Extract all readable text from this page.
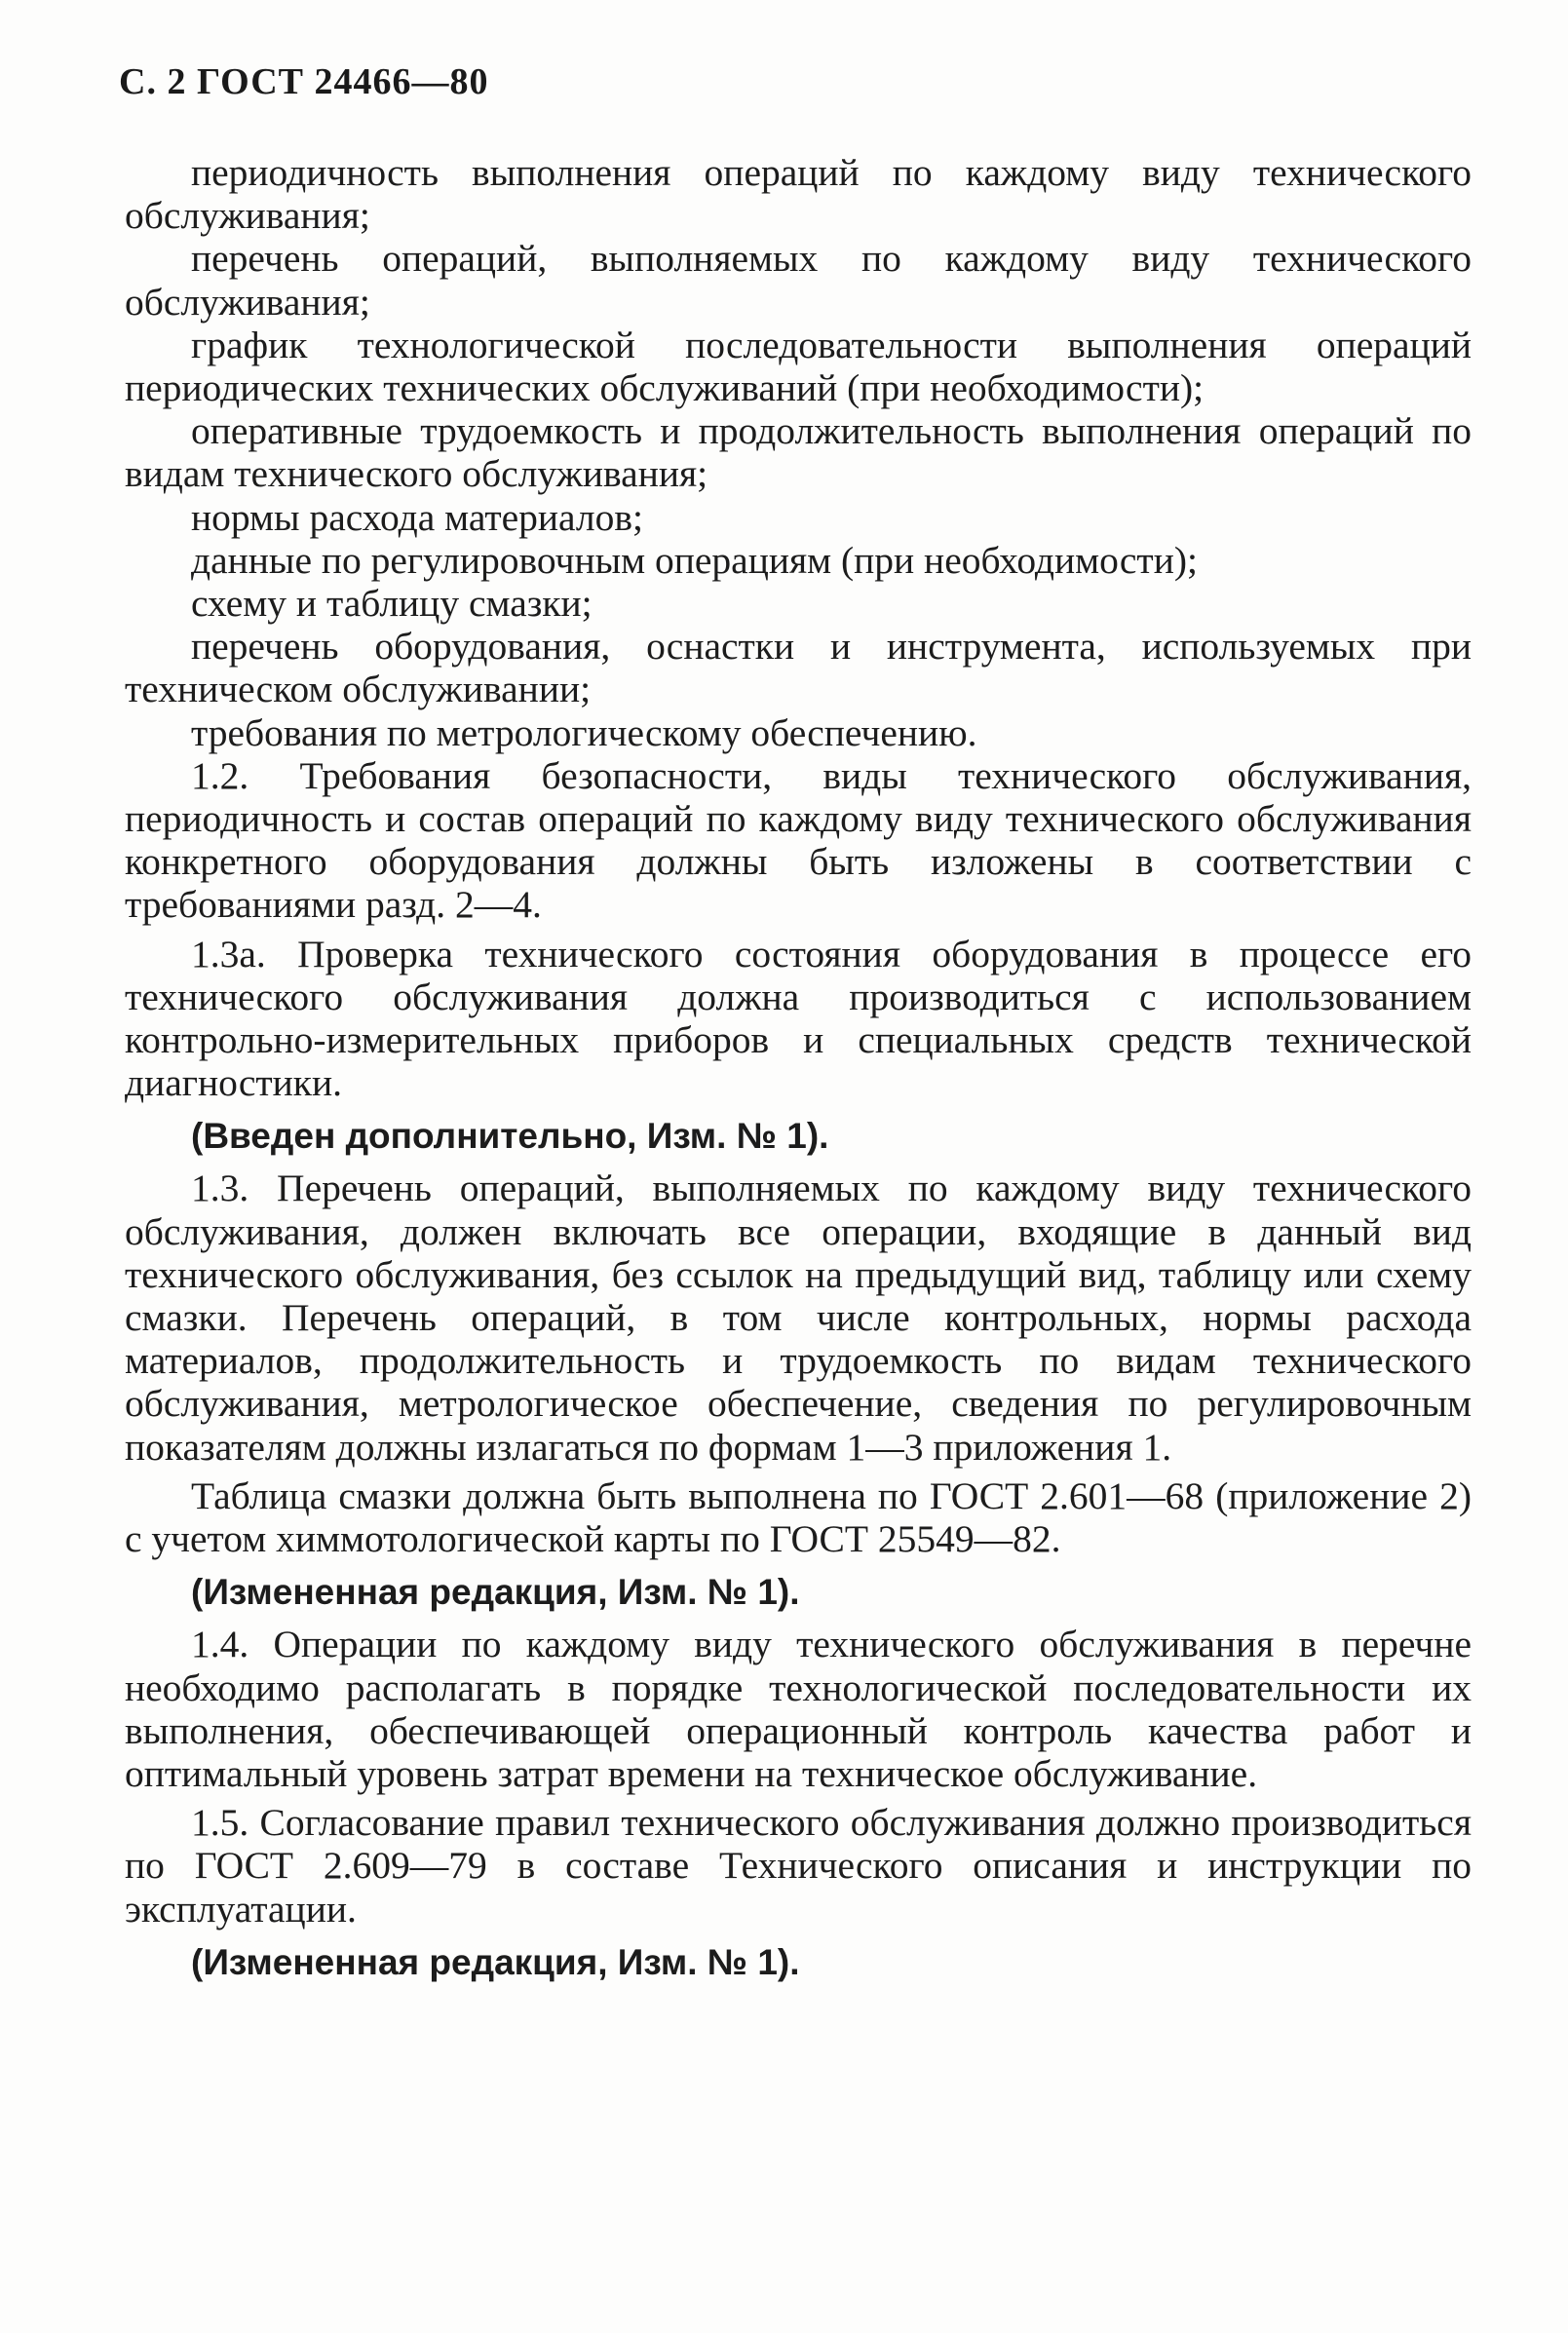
С. 2 ГОСТ 24466—80

периодичность выполнения операций по каждому виду технического обслуживания;

перечень операций, выполняемых по каждому виду технического обслуживания;

график технологической последовательности выполнения операций периодических технических обслуживаний (при необходимости);

оперативные трудоемкость и продолжительность выполнения операций по видам технического обслуживания;

нормы расхода материалов;

данные по регулировочным операциям (при необходимости);

схему и таблицу смазки;

перечень оборудования, оснастки и инструмента, используемых при техническом обслуживании;

требования по метрологическому обеспечению.

1.2. Требования безопасности, виды технического обслуживания, периодичность и состав операций по каждому виду технического обслуживания конкретного оборудования должны быть изложены в соответствии с требованиями разд. 2—4.

1.3а. Проверка технического состояния оборудования в процессе его технического обслуживания должна производиться с использованием контрольно-измерительных приборов и специальных средств технической диагностики.

(Введен дополнительно, Изм. № 1).

1.3. Перечень операций, выполняемых по каждому виду технического обслуживания, должен включать все операции, входящие в данный вид технического обслуживания, без ссылок на предыдущий вид, таблицу или схему смазки. Перечень операций, в том числе контрольных, нормы расхода материалов, продолжительность и трудоемкость по видам технического обслуживания, метрологическое обеспечение, сведения по регулировочным показателям должны излагаться по формам 1—3 приложения 1.

Таблица смазки должна быть выполнена по ГОСТ 2.601—68 (приложение 2) с учетом химмотологической карты по ГОСТ 25549—82.

(Измененная редакция, Изм. № 1).

1.4. Операции по каждому виду технического обслуживания в перечне необходимо располагать в порядке технологической последовательности их выполнения, обеспечивающей операционный контроль качества работ и оптимальный уровень затрат времени на техническое обслуживание.

1.5. Согласование правил технического обслуживания должно производиться по ГОСТ 2.609—79 в составе Технического описания и инструкции по эксплуатации.

(Измененная редакция, Изм. № 1).
